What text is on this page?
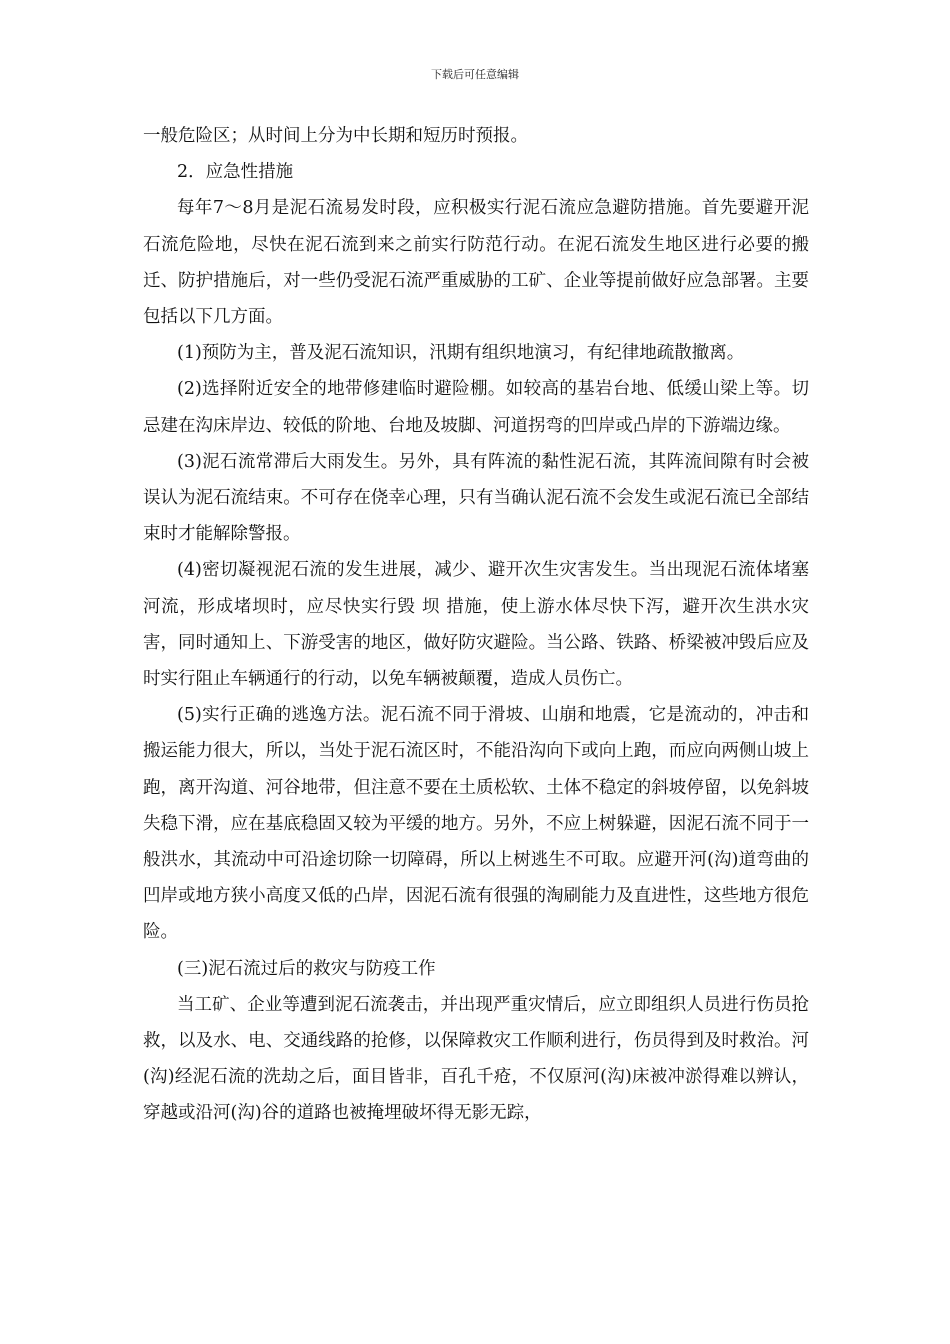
下载后可任意编辑

一般危险区；从时间上分为中长期和短历时预报。

2．应急性措施

每年7～8月是泥石流易发时段，应积极实行泥石流应急避防措施。首先要避开泥石流危险地，尽快在泥石流到来之前实行防范行动。在泥石流发生地区进行必要的搬迁、防护措施后，对一些仍受泥石流严重威胁的工矿、企业等提前做好应急部署。主要包括以下几方面。

(1)预防为主，普及泥石流知识，汛期有组织地演习，有纪律地疏散撤离。

(2)选择附近安全的地带修建临时避险棚。如较高的基岩台地、低缓山梁上等。切忌建在沟床岸边、较低的阶地、台地及坡脚、河道拐弯的凹岸或凸岸的下游端边缘。

(3)泥石流常滞后大雨发生。另外，具有阵流的黏性泥石流，其阵流间隙有时会被误认为泥石流结束。不可存在侥幸心理，只有当确认泥石流不会发生或泥石流已全部结束时才能解除警报。

(4)密切凝视泥石流的发生进展，减少、避开次生灾害发生。当出现泥石流体堵塞河流，形成堵坝时，应尽快实行毁 坝 措施，使上游水体尽快下泻，避开次生洪水灾害，同时通知上、下游受害的地区，做好防灾避险。当公路、铁路、桥梁被冲毁后应及时实行阻止车辆通行的行动，以免车辆被颠覆，造成人员伤亡。

(5)实行正确的逃逸方法。泥石流不同于滑坡、山崩和地震，它是流动的，冲击和搬运能力很大，所以，当处于泥石流区时，不能沿沟向下或向上跑，而应向两侧山坡上跑，离开沟道、河谷地带，但注意不要在土质松软、土体不稳定的斜坡停留，以免斜坡失稳下滑，应在基底稳固又较为平缓的地方。另外，不应上树躲避，因泥石流不同于一般洪水，其流动中可沿途切除一切障碍，所以上树逃生不可取。应避开河(沟)道弯曲的凹岸或地方狭小高度又低的凸岸，因泥石流有很强的淘刷能力及直进性，这些地方很危险。

(三)泥石流过后的救灾与防疫工作

当工矿、企业等遭到泥石流袭击，并出现严重灾情后，应立即组织人员进行伤员抢救，以及水、电、交通线路的抢修，以保障救灾工作顺利进行，伤员得到及时救治。河(沟)经泥石流的洗劫之后，面目皆非，百孔千疮，不仅原河(沟)床被冲淤得难以辨认，穿越或沿河(沟)谷的道路也被掩埋破坏得无影无踪，
